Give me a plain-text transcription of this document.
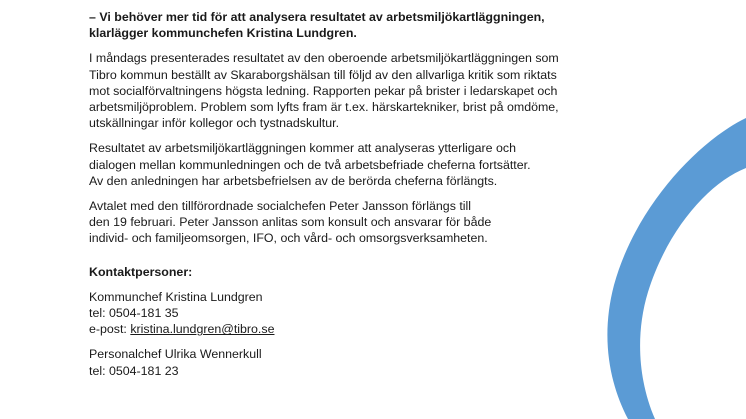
– Vi behöver mer tid för att analysera resultatet av arbetsmiljökartläggningen,
klarlägger kommunchefen Kristina Lundgren.

I måndags presenterades resultatet av den oberoende arbetsmiljökartläggningen som
Tibro kommun beställt av Skaraborgshälsan till följd av den allvarliga kritik som riktats
mot socialförvaltningens högsta ledning. Rapporten pekar på brister i ledarskapet och
arbetsmiljöproblem. Problem som lyfts fram är t.ex. härskartekniker, brist på omdöme,
utskällningar inför kollegor och tystnadskultur.

Resultatet av arbetsmiljökartläggningen kommer att analyseras ytterligare och
dialogen mellan kommunledningen och de två arbetsbefriade cheferna fortsätter.
Av den anledningen har arbetsbefrielsen av de berörda cheferna förlängts.

Avtalet med den tillförordnade socialchefen Peter Jansson förlängs till
den 19 februari. Peter Jansson anlitas som konsult och ansvarar för både
individ- och familjeomsorgen, IFO, och vård- och omsorgsverksamheten.

Kontaktpersoner:

Kommunchef Kristina Lundgren
tel: 0504-181 35
e-post: kristina.lundgren@tibro.se
Personalchef Ulrika Wennerkull
tel: 0504-181 23
